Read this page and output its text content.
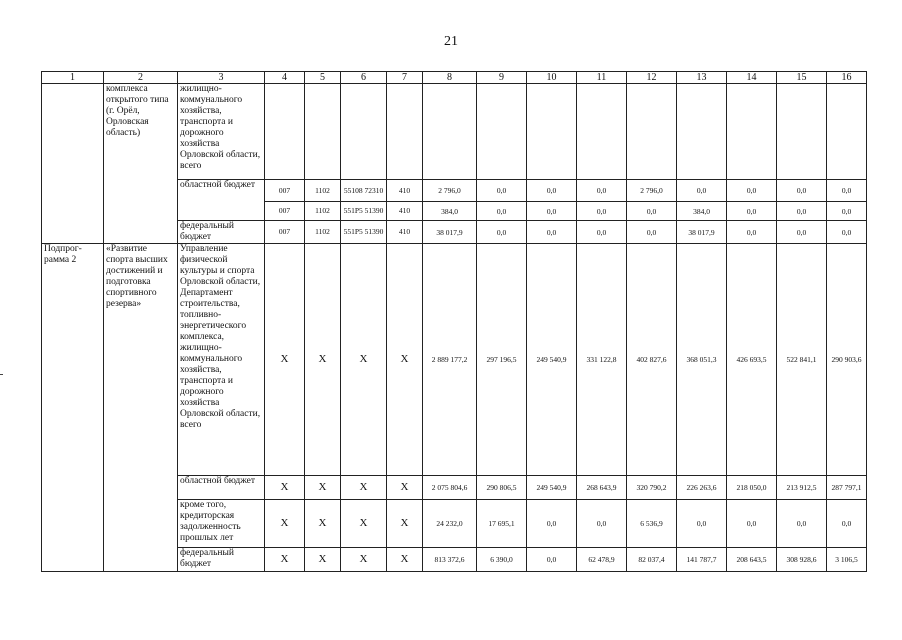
21
1	2	3	4	5	6	7	8	9	10	11	12	13	14	15	16
	комплекса открытого типа (г. Орёл, Орловская область)	жилищно-коммунального хозяйства, транспорта и дорожного хозяйства Орловской области, всего													
		областной бюджет	007	1102	55108 72310	410	2 796,0	0,0	0,0	0,0	2 796,0	0,0	0,0	0,0	0,0
			007	1102	551P5 51390	410	384,0	0,0	0,0	0,0	0,0	384,0	0,0	0,0	0,0
		федеральный бюджет	007	1102	551P5 51390	410	38 017,9	0,0	0,0	0,0	0,0	38 017,9	0,0	0,0	0,0
Подпрог-рамма 2	«Развитие спорта высших достижений и подготовка спортивного резерва»	Управление физической культуры и спорта Орловской области, Департамент строительства, топливно-энергетического комплекса, жилищно-коммунального хозяйства, транспорта и дорожного хозяйства Орловской области, всего	Х	Х	Х	Х	2 889 177,2	297 196,5	249 540,9	331 122,8	402 827,6	368 051,3	426 693,5	522 841,1	290 903,6
		областной бюджет	Х	Х	Х	Х	2 075 804,6	290 806,5	249 540,9	268 643,9	320 790,2	226 263,6	218 050,0	213 912,5	287 797,1
		кроме того, кредиторская задолженность прошлых лет	Х	Х	Х	Х	24 232,0	17 695,1	0,0	0,0	6 536,9	0,0	0,0	0,0	0,0
		федеральный бюджет	Х	Х	Х	Х	813 372,6	6 390,0	0,0	62 478,9	82 037,4	141 787,7	208 643,5	308 928,6	3 106,5
